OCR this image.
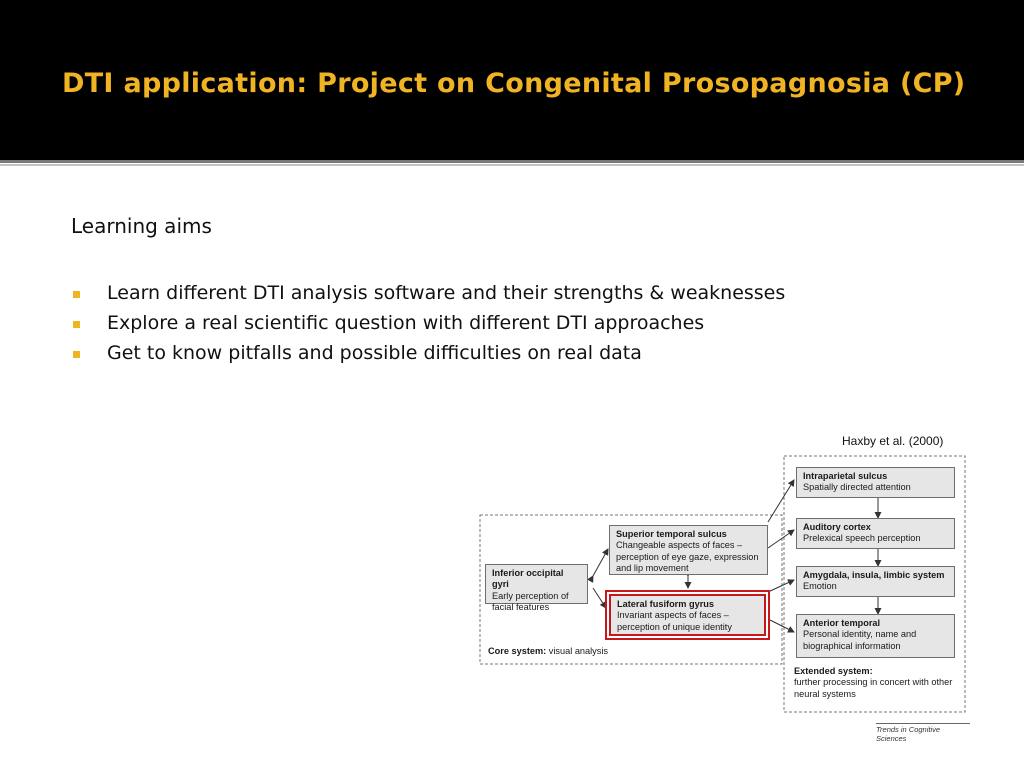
DTI application: Project on Congenital Prosopagnosia (CP)
Learning aims
Learn different DTI analysis software and their strengths & weaknesses
Explore a real scientific question with different DTI approaches
Get to know pitfalls and possible difficulties on real data
Haxby et al. (2000)
Intraparietal sulcus
Spatially directed attention
Auditory cortex
Prelexical speech perception
Amygdala, insula, limbic system
Emotion
Anterior temporal
Personal identity, name and biographical information
Superior temporal sulcus
Changeable aspects of faces – perception of eye gaze, expression and lip movement
Inferior occipital gyri
Early perception of facial features	Lateral fusiform gyrus
Invariant aspects of faces – perception of unique identity
Core system: visual analysis
Extended system:
further processing in concert with other neural systems
Trends in Cognitive Sciences
